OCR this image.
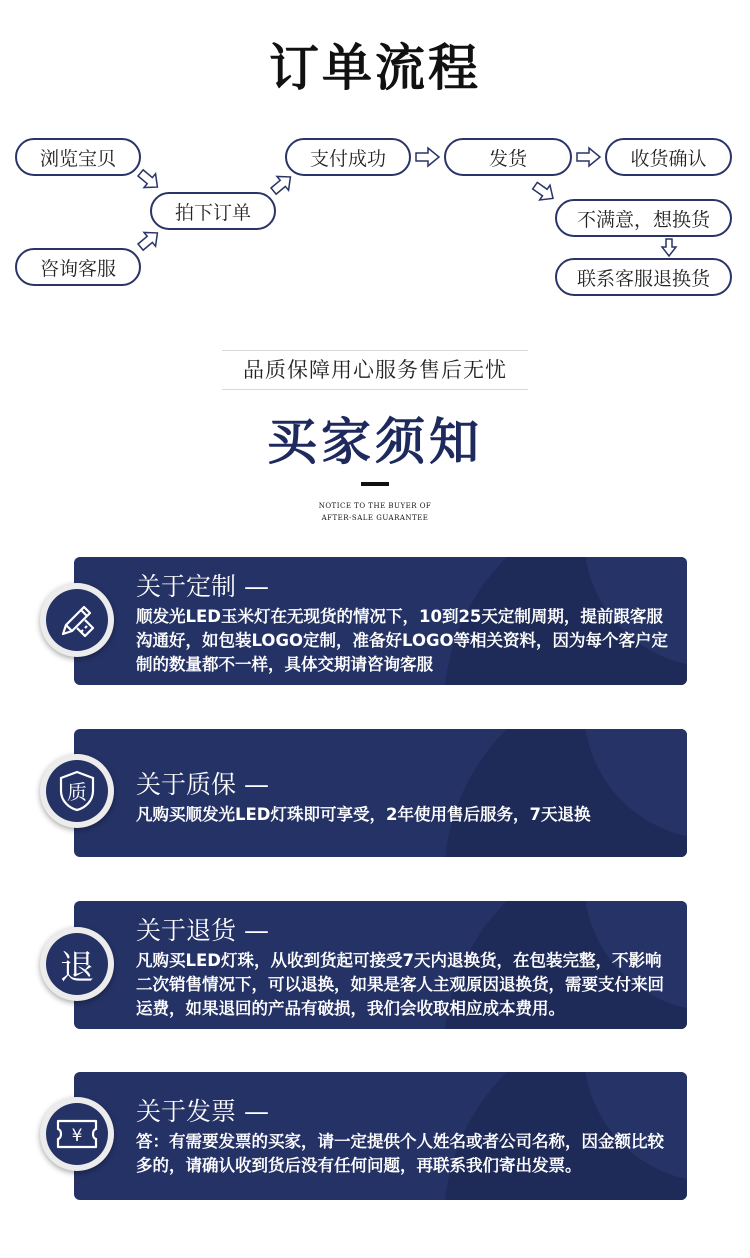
订单流程
浏览宝贝
咨询客服
拍下订单
支付成功	发货	收货确认
不满意，想换货
联系客服退换货
品质保障用心服务售后无忧
买家须知
NOTICE TO THE BUYER OF
AFTER-SALE GUARANTEE
关于定制 —
顺发光LED玉米灯在无现货的情况下，10到25天定制周期，提前跟客服沟通好，如包装LOGO定制，准备好LOGO等相关资料，因为每个客户定制的数量都不一样，具体交期请咨询客服
关于质保 —
凡购买顺发光LED灯珠即可享受，2年使用售后服务，7天退换
质
关于退货 —
凡购买LED灯珠，从收到货起可接受7天内退换货，在包装完整，不影响二次销售情况下，可以退换，如果是客人主观原因退换货，需要支付来回运费，如果退回的产品有破损，我们会收取相应成本费用。
退
关于发票 —
答：有需要发票的买家，请一定提供个人姓名或者公司名称，因金额比较多的，请确认收到货后没有任何问题，再联系我们寄出发票。
¥
